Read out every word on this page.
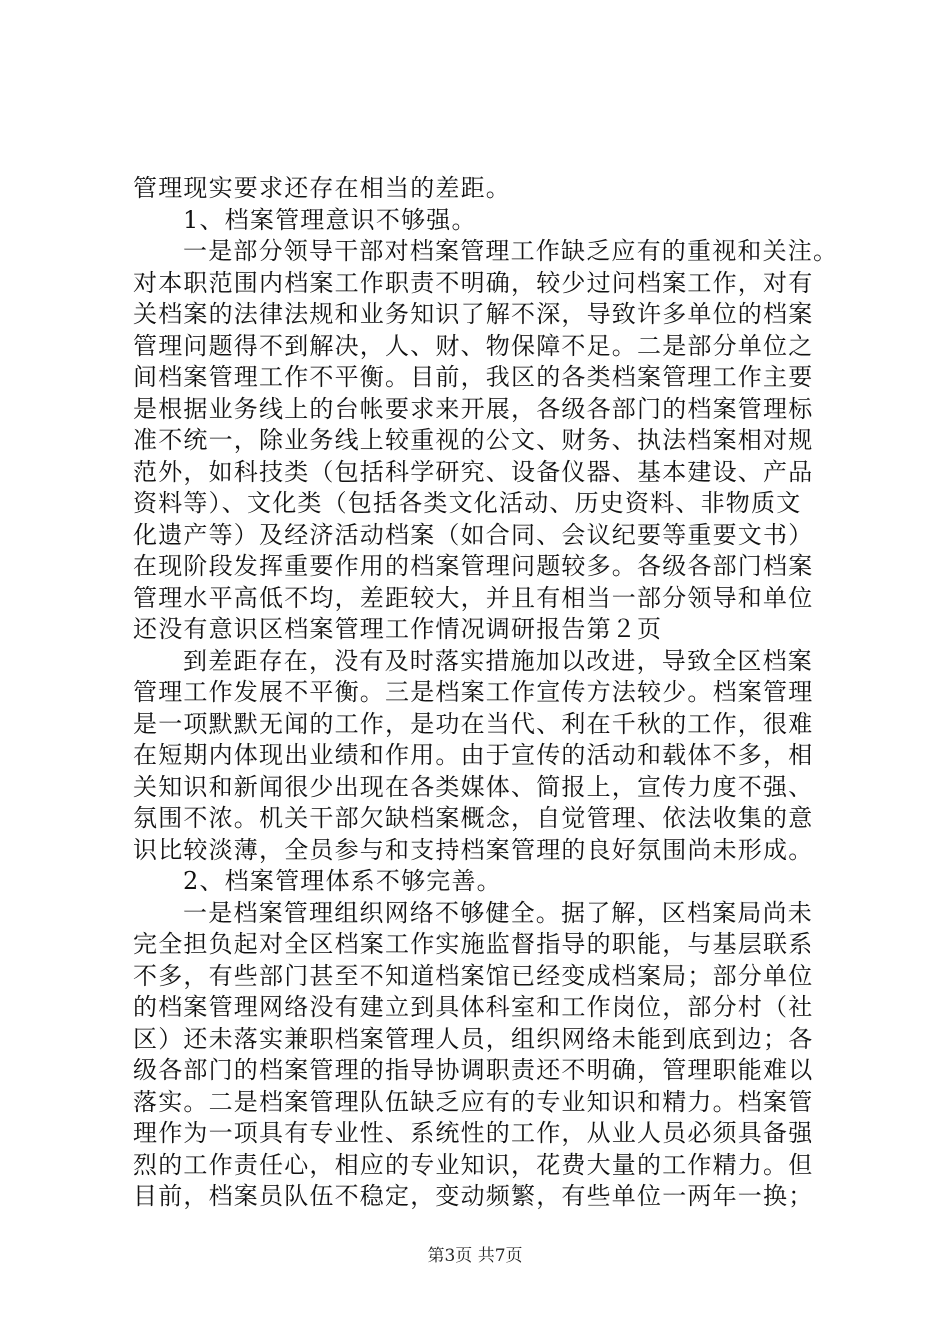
管理现实要求还存在相当的差距。
1、档案管理意识不够强。
一是部分领导干部对档案管理工作缺乏应有的重视和关注。
对本职范围内档案工作职责不明确，较少过问档案工作，对有
关档案的法律法规和业务知识了解不深，导致许多单位的档案
管理问题得不到解决，人、财、物保障不足。二是部分单位之
间档案管理工作不平衡。目前，我区的各类档案管理工作主要
是根据业务线上的台帐要求来开展，各级各部门的档案管理标
准不统一，除业务线上较重视的公文、财务、执法档案相对规
范外，如科技类（包括科学研究、设备仪器、基本建设、产品
资料等）、文化类（包括各类文化活动、历史资料、非物质文
化遗产等）及经济活动档案（如合同、会议纪要等重要文书）
在现阶段发挥重要作用的档案管理问题较多。各级各部门档案
管理水平高低不均，差距较大，并且有相当一部分领导和单位
还没有意识区档案管理工作情况调研报告第２页
到差距存在，没有及时落实措施加以改进，导致全区档案
管理工作发展不平衡。三是档案工作宣传方法较少。档案管理
是一项默默无闻的工作，是功在当代、利在千秋的工作，很难
在短期内体现出业绩和作用。由于宣传的活动和载体不多，相
关知识和新闻很少出现在各类媒体、简报上，宣传力度不强、
氛围不浓。机关干部欠缺档案概念，自觉管理、依法收集的意
识比较淡薄，全员参与和支持档案管理的良好氛围尚未形成。
2、档案管理体系不够完善。
一是档案管理组织网络不够健全。据了解，区档案局尚未
完全担负起对全区档案工作实施监督指导的职能，与基层联系
不多，有些部门甚至不知道档案馆已经变成档案局；部分单位
的档案管理网络没有建立到具体科室和工作岗位，部分村（社
区）还未落实兼职档案管理人员，组织网络未能到底到边；各
级各部门的档案管理的指导协调职责还不明确，管理职能难以
落实。二是档案管理队伍缺乏应有的专业知识和精力。档案管
理作为一项具有专业性、系统性的工作，从业人员必须具备强
烈的工作责任心，相应的专业知识，花费大量的工作精力。但
目前，档案员队伍不稳定，变动频繁，有些单位一两年一换；
第3页 共7页
